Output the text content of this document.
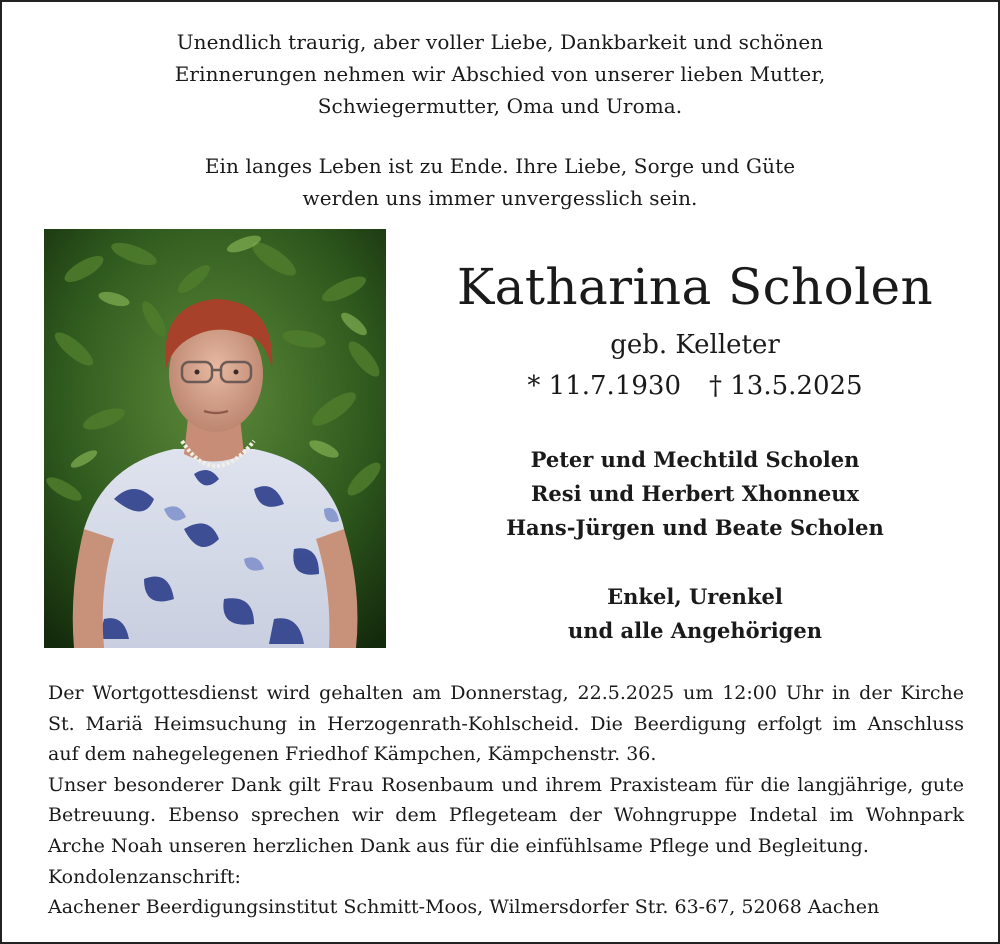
Unendlich traurig, aber voller Liebe, Dankbarkeit und schönen
Erinnerungen nehmen wir Abschied von unserer lieben Mutter,
Schwiegermutter, Oma und Uroma.
Ein langes Leben ist zu Ende. Ihre Liebe, Sorge und Güte
werden uns immer unvergesslich sein.
Katharina Scholen
geb. Kelleter
* 11.7.1930 † 13.5.2025
Peter und Mechtild Scholen
Resi und Herbert Xhonneux
Hans-Jürgen und Beate Scholen
Enkel, Urenkel
und alle Angehörigen
Der Wortgottesdienst wird gehalten am Donnerstag, 22.5.2025 um 12:00 Uhr in der Kirche
St. Mariä Heimsuchung in Herzogenrath-Kohlscheid. Die Beerdigung erfolgt im Anschluss
auf dem nahegelegenen Friedhof Kämpchen, Kämpchenstr. 36.
Unser besonderer Dank gilt Frau Rosenbaum und ihrem Praxisteam für die langjährige, gute
Betreuung. Ebenso sprechen wir dem Pflegeteam der Wohngruppe Indetal im Wohnpark
Arche Noah unseren herzlichen Dank aus für die einfühlsame Pflege und Begleitung.
Kondolenzanschrift:
Aachener Beerdigungsinstitut Schmitt-Moos, Wilmersdorfer Str. 63-67, 52068 Aachen
